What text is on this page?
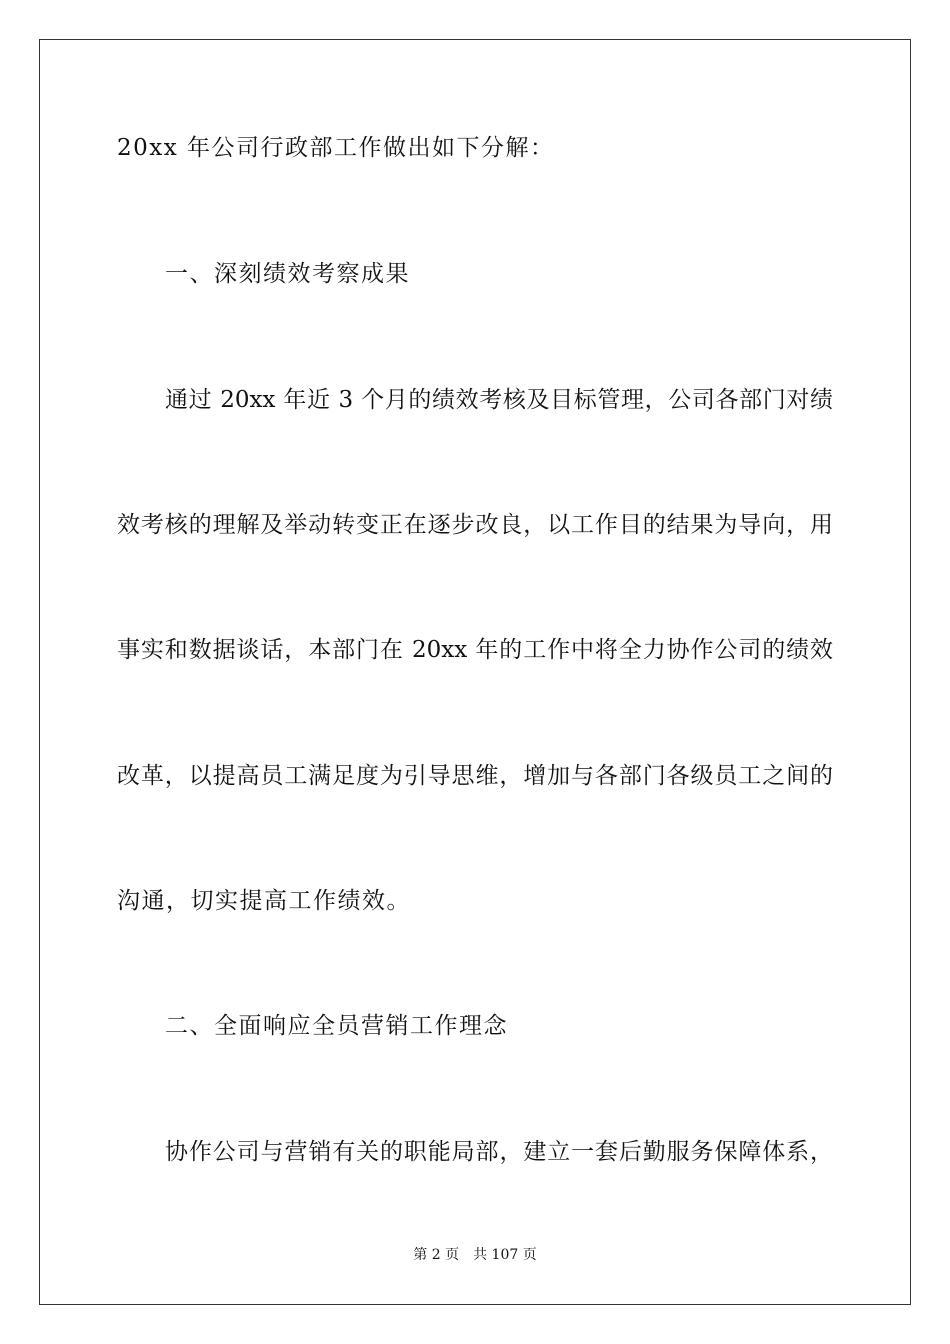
20xx 年公司行政部工作做出如下分解：
一、深刻绩效考察成果
通过 20xx 年近 3 个月的绩效考核及目标管理，公司各部门对绩
效考核的理解及举动转变正在逐步改良，以工作目的结果为导向，用
事实和数据谈话，本部门在 20xx 年的工作中将全力协作公司的绩效
改革，以提高员工满足度为引导思维，增加与各部门各级员工之间的
沟通，切实提高工作绩效。
二、全面响应全员营销工作理念
协作公司与营销有关的职能局部，建立一套后勤服务保障体系，
第 2 页 共 107 页
